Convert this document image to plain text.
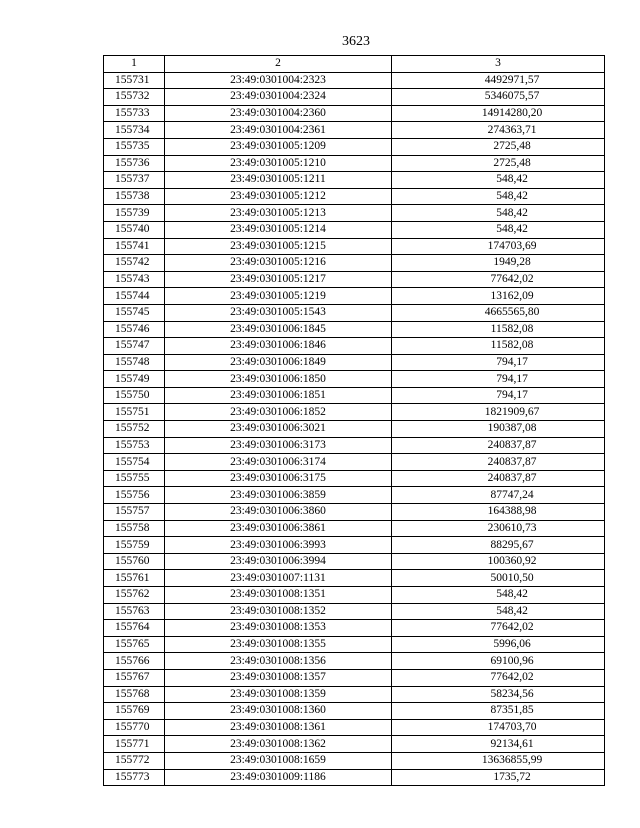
3623
1	2	3
155731	23:49:0301004:2323	4492971,57
155732	23:49:0301004:2324	5346075,57
155733	23:49:0301004:2360	14914280,20
155734	23:49:0301004:2361	274363,71
155735	23:49:0301005:1209	2725,48
155736	23:49:0301005:1210	2725,48
155737	23:49:0301005:1211	548,42
155738	23:49:0301005:1212	548,42
155739	23:49:0301005:1213	548,42
155740	23:49:0301005:1214	548,42
155741	23:49:0301005:1215	174703,69
155742	23:49:0301005:1216	1949,28
155743	23:49:0301005:1217	77642,02
155744	23:49:0301005:1219	13162,09
155745	23:49:0301005:1543	4665565,80
155746	23:49:0301006:1845	11582,08
155747	23:49:0301006:1846	11582,08
155748	23:49:0301006:1849	794,17
155749	23:49:0301006:1850	794,17
155750	23:49:0301006:1851	794,17
155751	23:49:0301006:1852	1821909,67
155752	23:49:0301006:3021	190387,08
155753	23:49:0301006:3173	240837,87
155754	23:49:0301006:3174	240837,87
155755	23:49:0301006:3175	240837,87
155756	23:49:0301006:3859	87747,24
155757	23:49:0301006:3860	164388,98
155758	23:49:0301006:3861	230610,73
155759	23:49:0301006:3993	88295,67
155760	23:49:0301006:3994	100360,92
155761	23:49:0301007:1131	50010,50
155762	23:49:0301008:1351	548,42
155763	23:49:0301008:1352	548,42
155764	23:49:0301008:1353	77642,02
155765	23:49:0301008:1355	5996,06
155766	23:49:0301008:1356	69100,96
155767	23:49:0301008:1357	77642,02
155768	23:49:0301008:1359	58234,56
155769	23:49:0301008:1360	87351,85
155770	23:49:0301008:1361	174703,70
155771	23:49:0301008:1362	92134,61
155772	23:49:0301008:1659	13636855,99
155773	23:49:0301009:1186	1735,72
